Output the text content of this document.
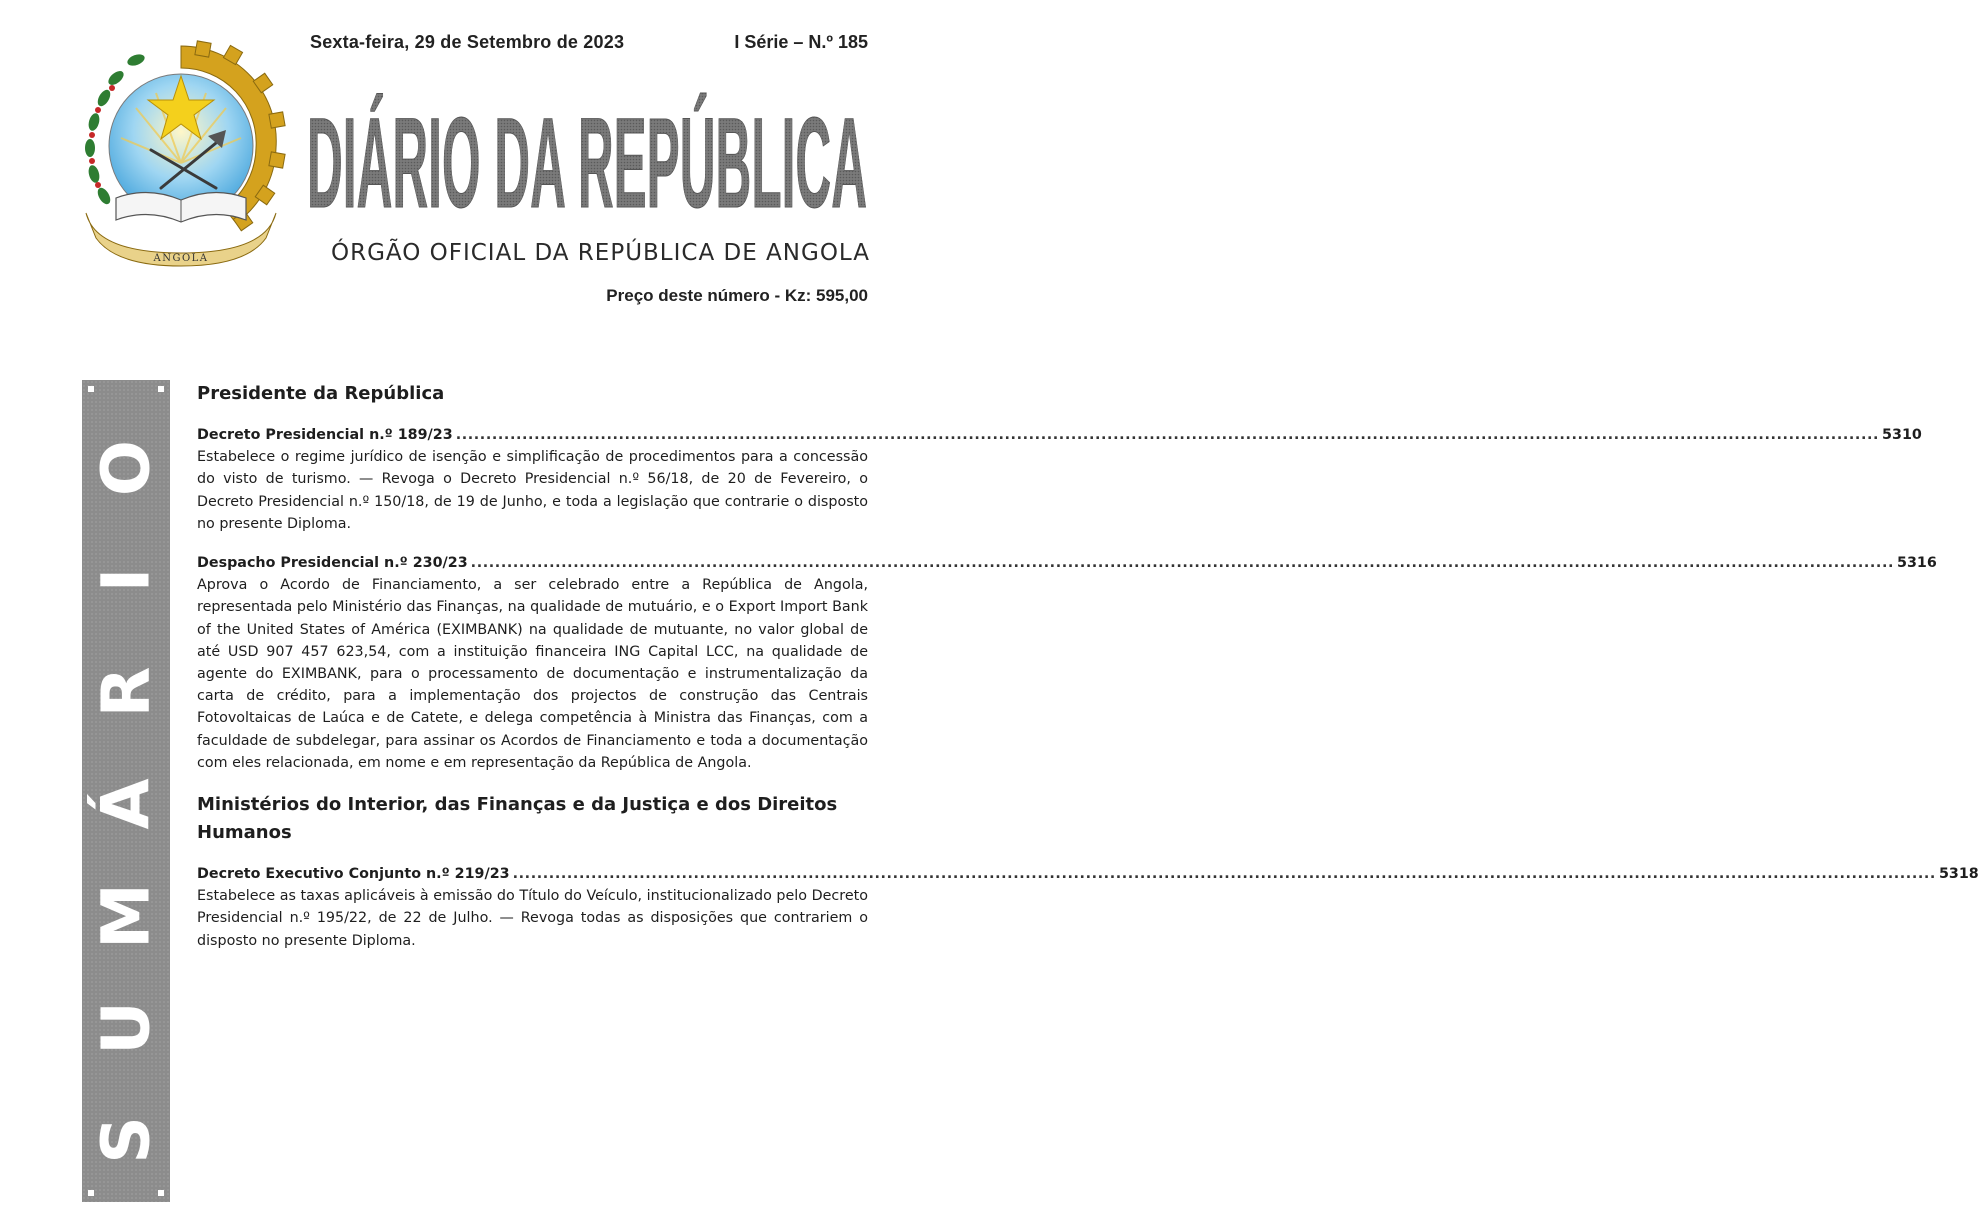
Sexta-feira, 29 de Setembro de 2023	I Série – N.º 185
ANGOLA
DIÁRIO DA REPÚBLICA
ÓRGÃO OFICIAL DA REPÚBLICA DE ANGOLA
Preço deste número - Kz: 595,00
S
U
M
Á
R
I
O
Presidente da República
Decreto Presidencial n.º 189/23 .....	5310
Estabelece o regime jurídico de isenção e simplificação de procedimentos para a concessão do visto de turismo. — Revoga o Decreto Presidencial n.º 56/18, de 20 de Fevereiro, o Decreto Presidencial n.º 150/18, de 19 de Junho, e toda a legislação que contrarie o disposto no presente Diploma.
Despacho Presidencial n.º 230/23 .....	5316
Aprova o Acordo de Financiamento, a ser celebrado entre a República de Angola, representada pelo Ministério das Finanças, na qualidade de mutuário, e o Export Import Bank of the United States of América (EXIMBANK) na qualidade de mutuante, no valor global de até USD 907 457 623,54, com a instituição financeira ING Capital LCC, na qualidade de agente do EXIMBANK, para o processamento de documentação e instrumentalização da carta de crédito, para a implementação dos projectos de construção das Centrais Fotovoltaicas de Laúca e de Catete, e delega competência à Ministra das Finanças, com a faculdade de subdelegar, para assinar os Acordos de Financiamento e toda a documentação com eles relacionada, em nome e em representação da República de Angola.
Ministérios do Interior, das Finanças e da Justiça e dos Direitos Humanos
Decreto Executivo Conjunto n.º 219/23 .....	5318
Estabelece as taxas aplicáveis à emissão do Título do Veículo, institucionalizado pelo Decreto Presidencial n.º 195/22, de 22 de Julho. — Revoga todas as disposições que contrariem o disposto no presente Diploma.
